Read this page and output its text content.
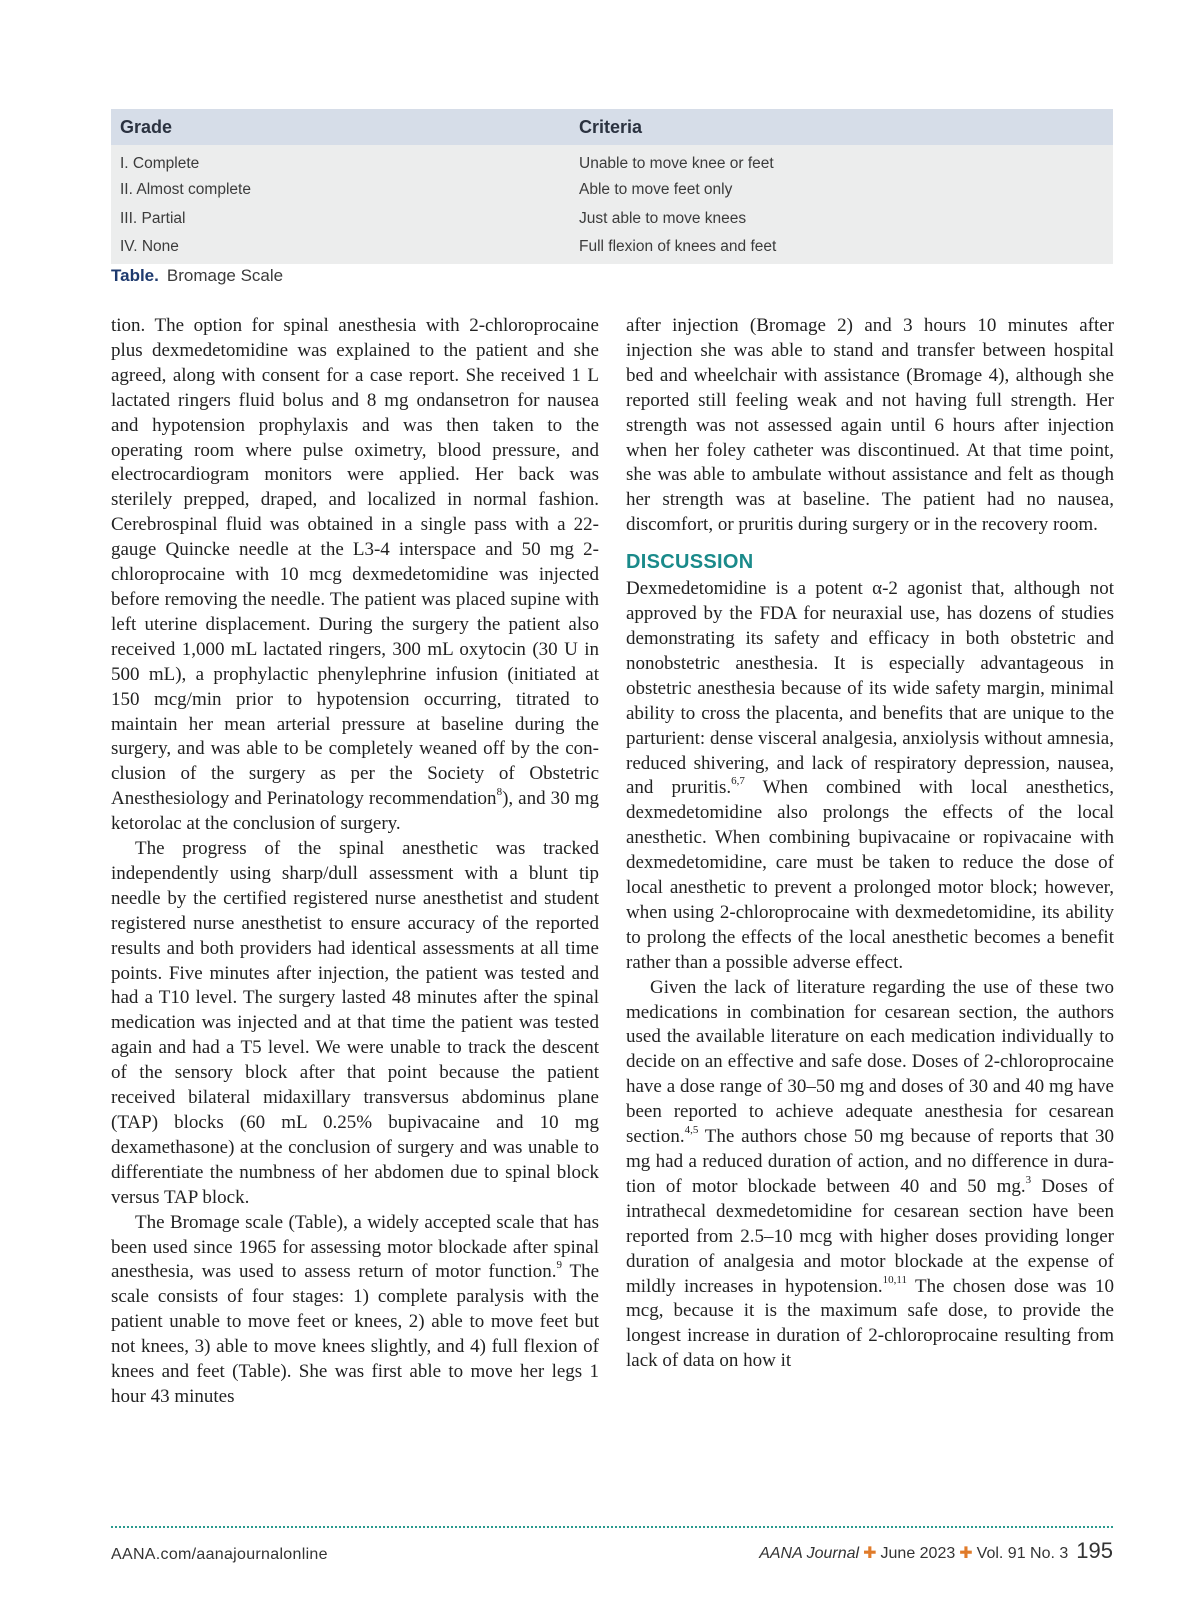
Grade	Criteria
I. Complete	Unable to move knee or feet
II. Almost complete	Able to move feet only
III. Partial	Just able to move knees
IV. None	Full flexion of knees and feet
Table. Bromage Scale

tion. The option for spinal anesthesia with 2-chloroprocaine plus dexmedetomidine was explained to the patient and she agreed, along with consent for a case report. She received 1 L lactated ringers fluid bolus and 8 mg ondansetron for nausea and hypotension prophylaxis and was then taken to the operating room where pulse oximetry, blood pressure, and electrocardiogram monitors were applied. Her back was sterilely prepped, draped, and localized in normal fashion. Cerebrospinal fluid was obtained in a single pass with a 22-gauge Quincke needle at the L3-4 interspace and 50 mg 2-chloroprocaine with 10 mcg dexmedetomidine was injected before removing the needle. The patient was placed supine with left uterine displacement. During the surgery the patient also received 1,000 mL lactated ringers, 300 mL oxytocin (30 U in 500 mL), a prophylactic phenylephrine infusion (initiated at 150 mcg/min prior to hypotension occurring, titrated to maintain her mean arterial pressure at baseline during the surgery, and was able to be completely weaned off by the conclusion of the surgery as per the Society of Obstetric Anesthesiology and Perinatology recommendation$^8$), and 30 mg ketorolac at the conclusion of surgery.

The progress of the spinal anesthetic was tracked independently using sharp/dull assessment with a blunt tip needle by the certified registered nurse anesthetist and student registered nurse anesthetist to ensure accuracy of the reported results and both providers had identical assessments at all time points. Five minutes after injection, the patient was tested and had a T10 level. The surgery lasted 48 minutes after the spinal medication was injected and at that time the patient was tested again and had a T5 level. We were unable to track the descent of the sensory block after that point because the patient received bilateral midaxillary transversus abdominus plane (TAP) blocks (60 mL 0.25% bupivacaine and 10 mg dexamethasone) at the conclusion of surgery and was unable to differentiate the numbness of her abdomen due to spinal block versus TAP block.

The Bromage scale (Table), a widely accepted scale that has been used since 1965 for assessing motor blockade after spinal anesthesia, was used to assess return of motor function.$^9$ The scale consists of four stages: 1) complete paralysis with the patient unable to move feet or knees, 2) able to move feet but not knees, 3) able to move knees slightly, and 4) full flexion of knees and feet (Table). She was first able to move her legs 1 hour 43 minutes

after injection (Bromage 2) and 3 hours 10 minutes after injection she was able to stand and transfer between hospital bed and wheelchair with assistance (Bromage 4), although she reported still feeling weak and not having full strength. Her strength was not assessed again until 6 hours after injection when her foley catheter was discontinued. At that time point, she was able to ambulate without assistance and felt as though her strength was at baseline. The patient had no nausea, discomfort, or pruritis during surgery or in the recovery room.

DISCUSSION

Dexmedetomidine is a potent α-2 agonist that, although not approved by the FDA for neuraxial use, has dozens of studies demonstrating its safety and efficacy in both obstetric and nonobstetric anesthesia. It is especially advantageous in obstetric anesthesia because of its wide safety margin, minimal ability to cross the placenta, and benefits that are unique to the parturient: dense visceral analgesia, anxiolysis without amnesia, reduced shivering, and lack of respiratory depression, nausea, and pruritis.$^{6,7}$ When combined with local anesthetics, dexmedetomidine also prolongs the effects of the local anesthetic. When combining bupivacaine or ropivacaine with dexmedetomidine, care must be taken to reduce the dose of local anesthetic to prevent a prolonged motor block; however, when using 2-chloroprocaine with dexmedetomidine, its ability to prolong the effects of the local anesthetic becomes a benefit rather than a possible adverse effect.

Given the lack of literature regarding the use of these two medications in combination for cesarean section, the authors used the available literature on each medication individually to decide on an effective and safe dose. Doses of 2-chloroprocaine have a dose range of 30–50 mg and doses of 30 and 40 mg have been reported to achieve adequate anesthesia for cesarean section.$^{4,5}$ The authors chose 50 mg because of reports that 30 mg had a reduced duration of action, and no difference in duration of motor blockade between 40 and 50 mg.$^3$ Doses of intrathecal dexmedetomidine for cesarean section have been reported from 2.5–10 mcg with higher doses providing longer duration of analgesia and motor blockade at the expense of mildly increases in hypotension.$^{10,11}$ The chosen dose was 10 mcg, because it is the maximum safe dose, to provide the longest increase in duration of 2-chloroprocaine resulting from lack of data on how it

AANA.com/aanajournalonline	AANA Journal ✚ June 2023 ✚ Vol. 91 No. 3 195
